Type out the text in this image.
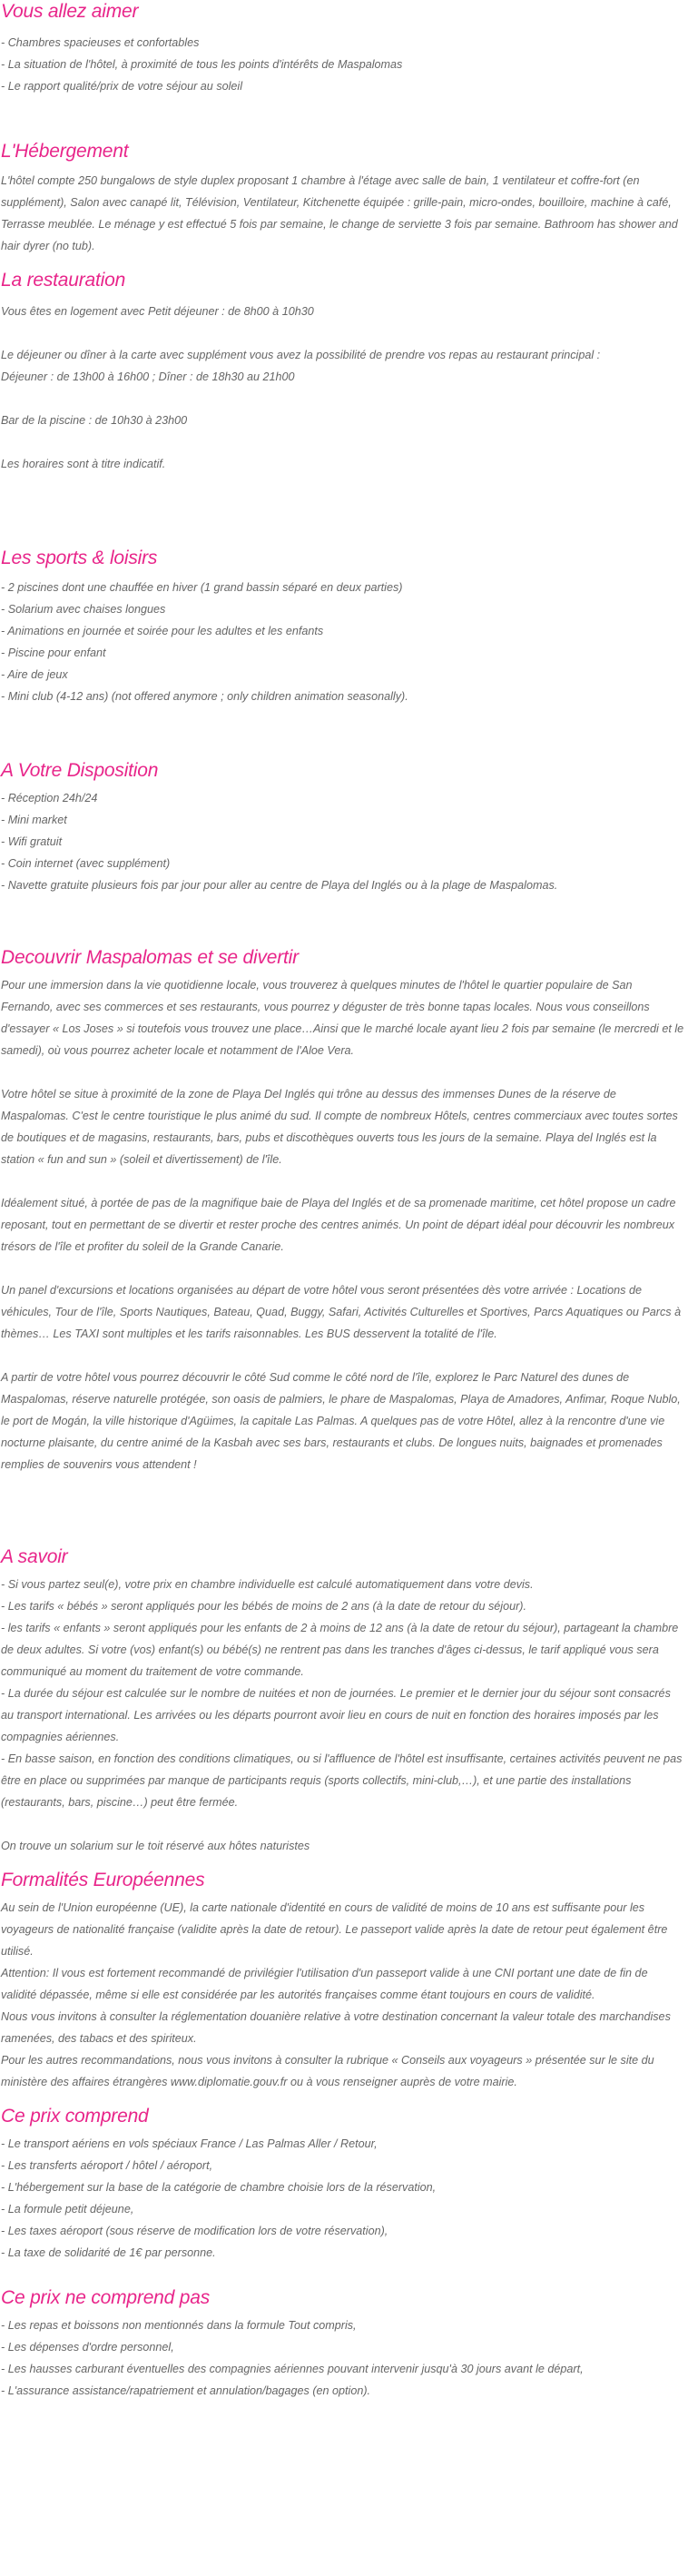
Vous allez aimer
- Chambres spacieuses et confortables
- La situation de l'hôtel, à proximité de tous les points d'intérêts de Maspalomas
- Le rapport qualité/prix de votre séjour au soleil
L'Hébergement

L'hôtel compte 250 bungalows de style duplex proposant 1 chambre à l'étage avec salle de bain, 1 ventilateur et coffre-fort (en supplément), Salon avec canapé lit, Télévision, Ventilateur, Kitchenette équipée : grille-pain, micro-ondes, bouilloire, machine à café, Terrasse meublée. Le ménage y est effectué 5 fois par semaine, le change de serviette 3 fois par semaine. Bathroom has shower and hair dyrer (no tub).

La restauration

Vous êtes en logement avec Petit déjeuner : de 8h00 à 10h30

Le déjeuner ou dîner à la carte avec supplément vous avez la possibilité de prendre vos repas au restaurant principal :

Déjeuner : de 13h00 à 16h00 ; Dîner : de 18h30 au 21h00

Bar de la piscine : de 10h30 à 23h00

Les horaires sont à titre indicatif.

Les sports & loisirs
- 2 piscines dont une chauffée en hiver (1 grand bassin séparé en deux parties)
- Solarium avec chaises longues
- Animations en journée et soirée pour les adultes et les enfants
- Piscine pour enfant
- Aire de jeux
- Mini club (4-12 ans) (not offered anymore ; only children animation seasonally).
A Votre Disposition
- Réception 24h/24
- Mini market
- Wifi gratuit
- Coin internet (avec supplément)
- Navette gratuite plusieurs fois par jour pour aller au centre de Playa del Inglés ou à la plage de Maspalomas.
Decouvrir Maspalomas et se divertir

Pour une immersion dans la vie quotidienne locale, vous trouverez à quelques minutes de l'hôtel le quartier populaire de San Fernando, avec ses commerces et ses restaurants, vous pourrez y déguster de très bonne tapas locales. Nous vous conseillons d'essayer « Los Joses » si toutefois vous trouvez une place…Ainsi que le marché locale ayant lieu 2 fois par semaine (le mercredi et le samedi), où vous pourrez acheter locale et notamment de l'Aloe Vera.

Votre hôtel se situe à proximité de la zone de Playa Del Inglés qui trône au dessus des immenses Dunes de la réserve de Maspalomas. C'est le centre touristique le plus animé du sud. Il compte de nombreux Hôtels, centres commerciaux avec toutes sortes de boutiques et de magasins, restaurants, bars, pubs et discothèques ouverts tous les jours de la semaine. Playa del Inglés est la station « fun and sun » (soleil et divertissement) de l'île.

Idéalement situé, à portée de pas de la magnifique baie de Playa del Inglés et de sa promenade maritime, cet hôtel propose un cadre reposant, tout en permettant de se divertir et rester proche des centres animés. Un point de départ idéal pour découvrir les nombreux trésors de l'île et profiter du soleil de la Grande Canarie.

Un panel d'excursions et locations organisées au départ de votre hôtel vous seront présentées dès votre arrivée : Locations de véhicules, Tour de l'île, Sports Nautiques, Bateau, Quad, Buggy, Safari, Activités Culturelles et Sportives, Parcs Aquatiques ou Parcs à thèmes… Les TAXI sont multiples et les tarifs raisonnables. Les BUS desservent la totalité de l'île.

A partir de votre hôtel vous pourrez découvrir le côté Sud comme le côté nord de l'île, explorez le Parc Naturel des dunes de Maspalomas, réserve naturelle protégée, son oasis de palmiers, le phare de Maspalomas, Playa de Amadores, Anfimar, Roque Nublo, le port de Mogán, la ville historique d'Agüimes, la capitale Las Palmas. A quelques pas de votre Hôtel, allez à la rencontre d'une vie nocturne plaisante, du centre animé de la Kasbah avec ses bars, restaurants et clubs. De longues nuits, baignades et promenades remplies de souvenirs vous attendent !

A savoir

- Si vous partez seul(e), votre prix en chambre individuelle est calculé automatiquement dans votre devis.

- Les tarifs « bébés » seront appliqués pour les bébés de moins de 2 ans (à la date de retour du séjour).

- les tarifs « enfants » seront appliqués pour les enfants de 2 à moins de 12 ans (à la date de retour du séjour), partageant la chambre de deux adultes. Si votre (vos) enfant(s) ou bébé(s) ne rentrent pas dans les tranches d'âges ci-dessus, le tarif appliqué vous sera communiqué au moment du traitement de votre commande.

- La durée du séjour est calculée sur le nombre de nuitées et non de journées. Le premier et le dernier jour du séjour sont consacrés au transport international. Les arrivées ou les départs pourront avoir lieu en cours de nuit en fonction des horaires imposés par les compagnies aériennes.

- En basse saison, en fonction des conditions climatiques, ou si l'affluence de l'hôtel est insuffisante, certaines activités peuvent ne pas être en place ou supprimées par manque de participants requis (sports collectifs, mini-club,…), et une partie des installations (restaurants, bars, piscine…) peut être fermée.

On trouve un solarium sur le toit réservé aux hôtes naturistes

Formalités Européennes

Au sein de l'Union européenne (UE), la carte nationale d'identité en cours de validité de moins de 10 ans est suffisante pour les voyageurs de nationalité française (validite après la date de retour). Le passeport valide après la date de retour peut également être utilisé.

Attention: Il vous est fortement recommandé de privilégier l'utilisation d'un passeport valide à une CNI portant une date de fin de validité dépassée, même si elle est considérée par les autorités françaises comme étant toujours en cours de validité.

Nous vous invitons à consulter la réglementation douanière relative à votre destination concernant la valeur totale des marchandises ramenées, des tabacs et des spiriteux.

Pour les autres recommandations, nous vous invitons à consulter la rubrique « Conseils aux voyageurs » présentée sur le site du ministère des affaires étrangères www.diplomatie.gouv.fr ou à vous renseigner auprès de votre mairie.

Ce prix comprend
- Le transport aériens en vols spéciaux France / Las Palmas Aller / Retour,
- Les transferts aéroport / hôtel / aéroport,
- L'hébergement sur la base de la catégorie de chambre choisie lors de la réservation,
- La formule petit déjeune,
- Les taxes aéroport (sous réserve de modification lors de votre réservation),
- La taxe de solidarité de 1€ par personne.
Ce prix ne comprend pas
- Les repas et boissons non mentionnés dans la formule Tout compris,
- Les dépenses d'ordre personnel,
- Les hausses carburant éventuelles des compagnies aériennes pouvant intervenir jusqu'à 30 jours avant le départ,
- L'assurance assistance/rapatriement et annulation/bagages (en option).
